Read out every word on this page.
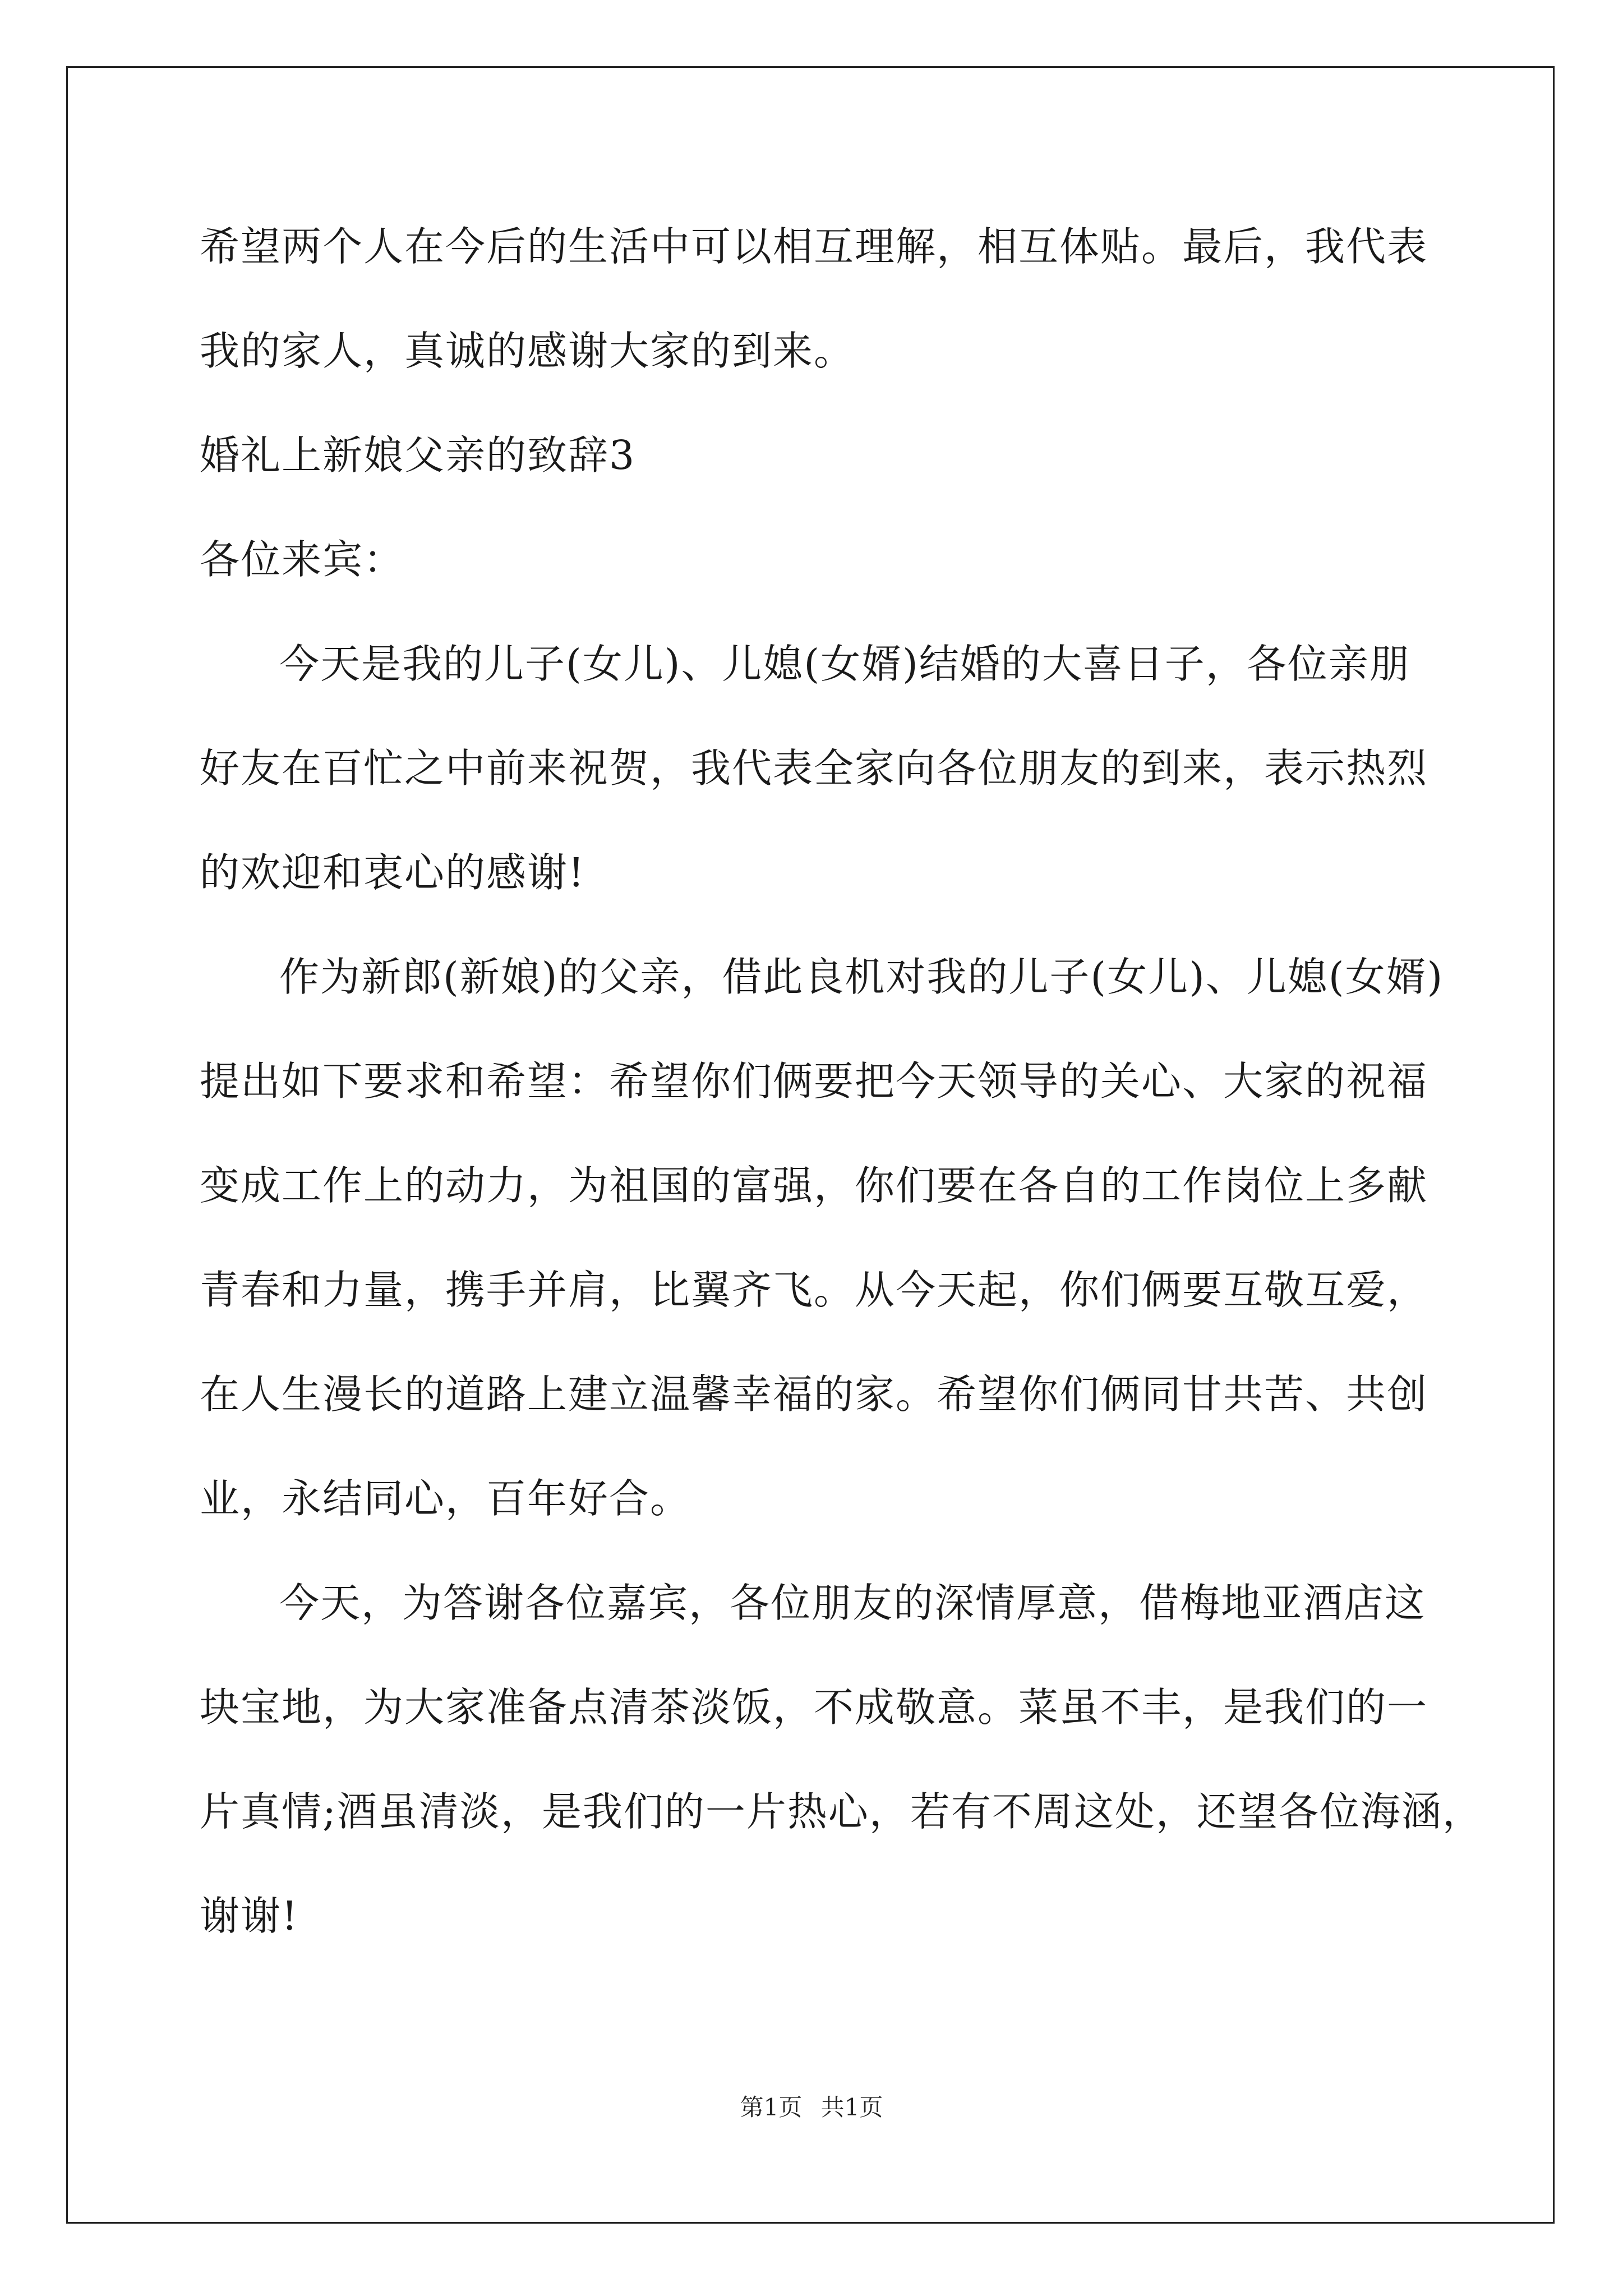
希望两个人在今后的生活中可以相互理解，相互体贴。最后，我代表
我的家人，真诚的感谢大家的到来。
婚礼上新娘父亲的致辞3
各位来宾：
今天是我的儿子(女儿)、儿媳(女婿)结婚的大喜日子，各位亲朋
好友在百忙之中前来祝贺，我代表全家向各位朋友的到来，表示热烈
的欢迎和衷心的感谢!
作为新郎(新娘)的父亲，借此良机对我的儿子(女儿)、儿媳(女婿)
提出如下要求和希望：希望你们俩要把今天领导的关心、大家的祝福
变成工作上的动力，为祖国的富强，你们要在各自的工作岗位上多献
青春和力量，携手并肩，比翼齐飞。从今天起，你们俩要互敬互爱，
在人生漫长的道路上建立温馨幸福的家。希望你们俩同甘共苦、共创
业，永结同心，百年好合。
今天，为答谢各位嘉宾，各位朋友的深情厚意，借梅地亚酒店这
块宝地，为大家准备点清茶淡饭，不成敬意。菜虽不丰，是我们的一
片真情;酒虽清淡，是我们的一片热心，若有不周这处，还望各位海涵，
谢谢!
第1页 共1页
